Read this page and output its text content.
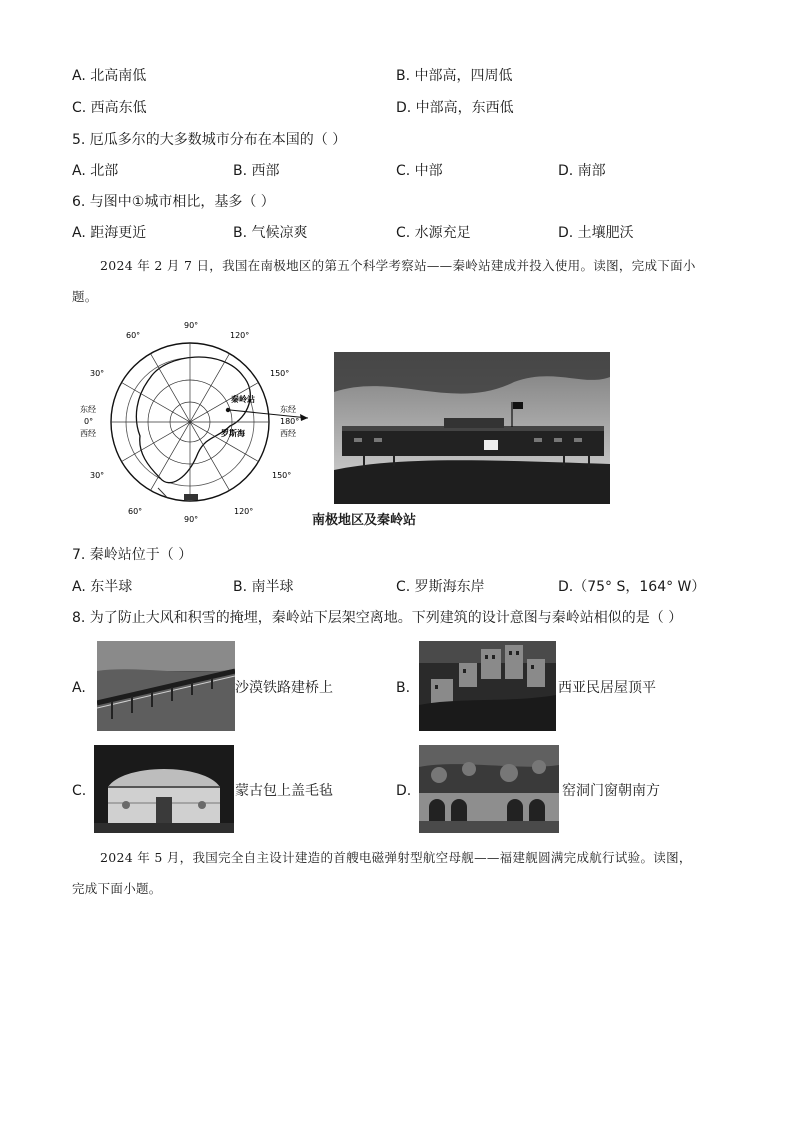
A. 北高南低	B. 中部高，四周低
C. 西高东低	D. 中部高，东西低
5. 厄瓜多尔的大多数城市分布在本国的（ ）
A. 北部	B. 西部	C. 中部	D. 南部
6. 与图中①城市相比，基多（ ）
A. 距海更近	B. 气候凉爽	C. 水源充足	D. 土壤肥沃
2024 年 2 月 7 日，我国在南极地区的第五个科学考察站——秦岭站建成并投入使用。读图，完成下面小
题。
90°
120°
60°
30°	150°
东经
0°
西经
东经
180°
西经
30°	150°
60°
90°
120°
秦岭站
罗斯海
南极地区及秦岭站
7. 秦岭站位于（ ）
A. 东半球	B. 南半球	C. 罗斯海东岸	D.（75° S，164° W）
8. 为了防止大风和积雪的掩埋，秦岭站下层架空离地。下列建筑的设计意图与秦岭站相似的是（ ）
A.	沙漠铁路建桥上	B.	西亚民居屋顶平
C.	蒙古包上盖毛毡	D.	窑洞门窗朝南方
2024 年 5 月，我国完全自主设计建造的首艘电磁弹射型航空母舰——福建舰圆满完成航行试验。读图，
完成下面小题。
